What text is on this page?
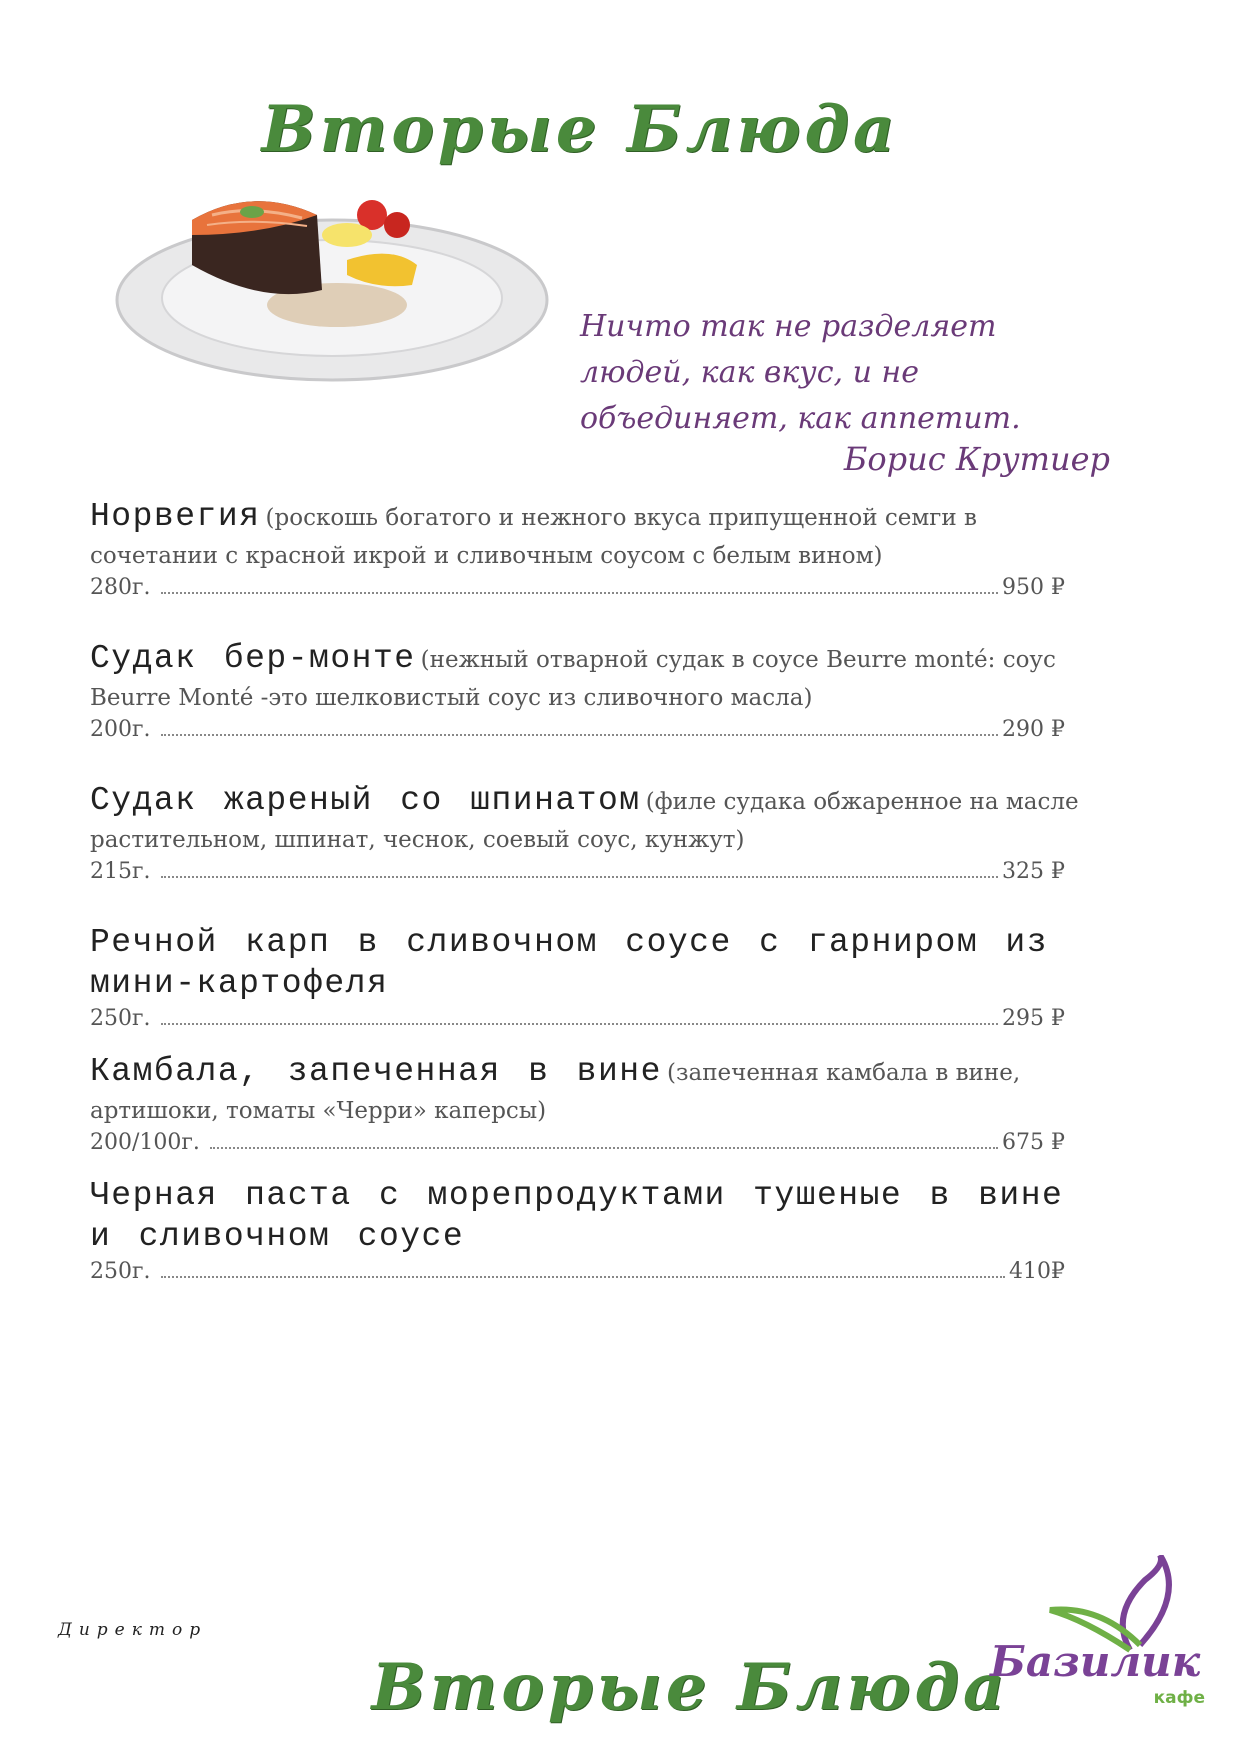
Вторые Блюда
Ничто так не разделяет людей, как вкус, и не объединяет, как аппетит.
Борис Крутиер
Норвегия (роскошь богатого и нежного вкуса припущенной семги в сочетании с красной икрой и сливочным соусом с белым вином)
280г.	950 ₽
Судак бер-монте (нежный отварной судак в соусе Beurre monté: соус Beurre Monté -это шелковистый соус из сливочного масла)
200г.	290 ₽
Судак жареный со шпинатом (филе судака обжаренное на масле растительном, шпинат, чеснок, соевый соус, кунжут)
215г.	325 ₽
Речной карп в сливочном соусе с гарниром из мини-картофеля
250г.	295 ₽
Камбала, запеченная в вине (запеченная камбала в вине, артишоки, томаты «Черри» каперсы)
200/100г.	675 ₽
Черная паста с морепродуктами тушеные в вине и сливочном соусе
250г.	410₽
Директор
Вторые Блюда
Базилик
кафе
